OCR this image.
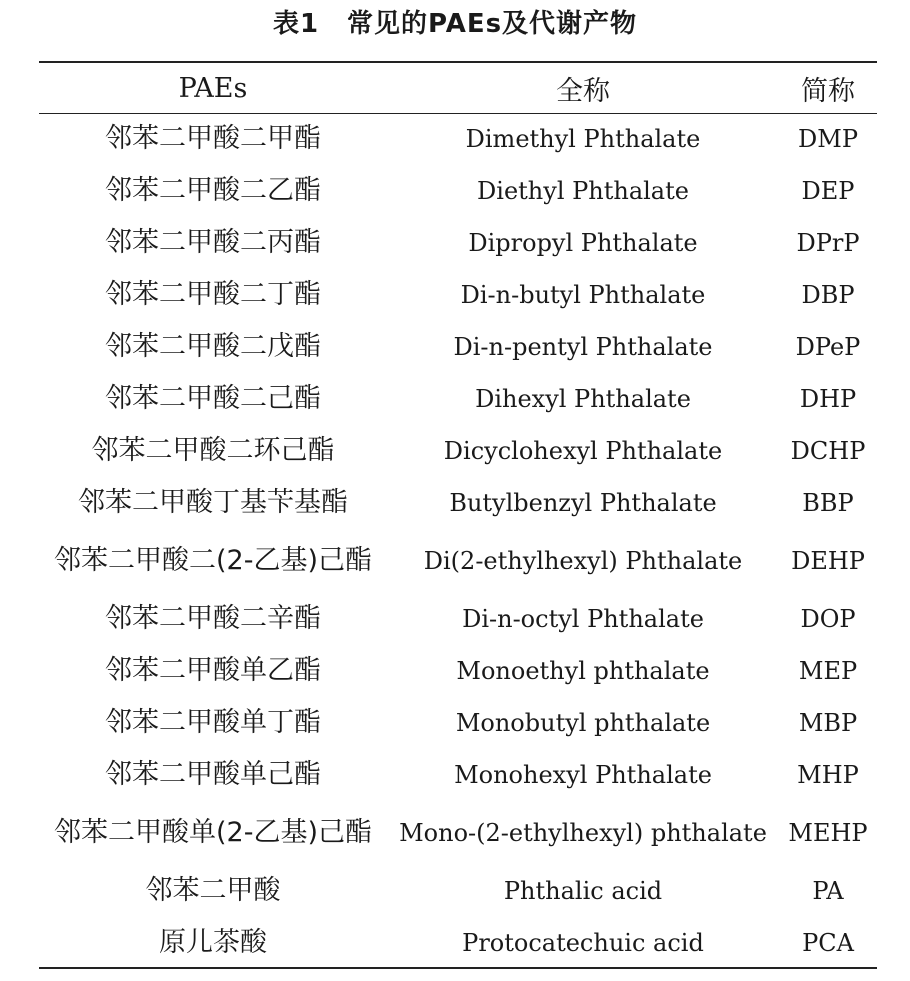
表1 常见的PAEs及代谢产物
PAEs	全称	简称
邻苯二甲酸二甲酯	Dimethyl Phthalate	DMP
邻苯二甲酸二乙酯	Diethyl Phthalate	DEP
邻苯二甲酸二丙酯	Dipropyl Phthalate	DPrP
邻苯二甲酸二丁酯	Di-n-butyl Phthalate	DBP
邻苯二甲酸二戊酯	Di-n-pentyl Phthalate	DPeP
邻苯二甲酸二己酯	Dihexyl Phthalate	DHP
邻苯二甲酸二环己酯	Dicyclohexyl Phthalate	DCHP
邻苯二甲酸丁基苄基酯	Butylbenzyl Phthalate	BBP
邻苯二甲酸二(2-乙基)己酯	Di(2-ethylhexyl) Phthalate	DEHP
邻苯二甲酸二辛酯	Di-n-octyl Phthalate	DOP
邻苯二甲酸单乙酯	Monoethyl phthalate	MEP
邻苯二甲酸单丁酯	Monobutyl phthalate	MBP
邻苯二甲酸单己酯	Monohexyl Phthalate	MHP
邻苯二甲酸单(2-乙基)己酯	Mono-(2-ethylhexyl) phthalate	MEHP
邻苯二甲酸	Phthalic acid	PA
原儿茶酸	Protocatechuic acid	PCA
